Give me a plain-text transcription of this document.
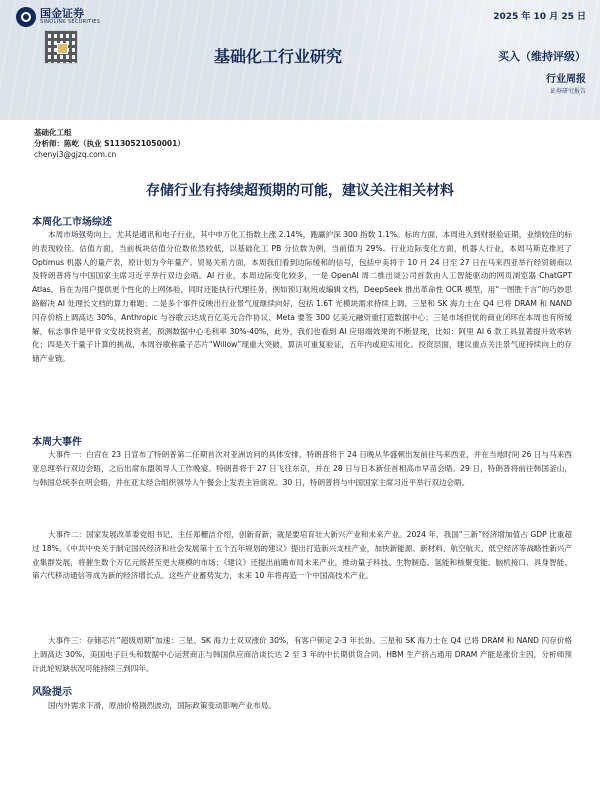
国金证券
SINOLINK SECURITIES	2025 年 10 月 25 日
基础化工行业研究	买入（维持评级）
行业周报
证券研究报告
基础化工组
分析师：陈屹（执业 S1130521050001）
chenyi3@gjzq.com.cn
存储行业有持续超预期的可能，建议关注相关材料
本周化工市场综述

本周市场强势向上，尤其是通讯和电子行业，其中申万化工指数上涨 2.14%，跑赢沪深 300 指数 1.1%。标的方面，本周进入到财报验证期，业绩较佳的标的表现较佳。估值方面，当前板块估值分位数依然较低，以基础化工 PB 分位数为例，当前值为 29%。行业边际变化方面，机器人行业，本周马斯克推迟了 Optimus 机器人的量产表，原计划为今年量产。贸易关系方面，本周我们看到边际缓和的信号，包括中美将于 10 月 24 日至 27 日在马来西亚举行经贸磋商以及特朗普将与中国国家主席习近平举行双边会晤。AI 行业，本周边际变化较多，一是 OpenAI 周二推出谈公司首款由人工智能驱动的网页浏览器 ChatGPT Atlas，旨在为用户提供更个性化的上网体验，同时还能执行代理任务，例如预订航班或编辑文档，DeepSeek 推出革命性 OCR 模型，用“一图胜千言”的巧妙思路解决 AI 处理长文档的算力难题；二是多个事件反映出行业景气度继续向好，包括 1.6T 光模块需求持续上调、三星和 SK 海力士在 Q4 已将 DRAM 和 NAND 闪存价格上调高达 30%、Anthropic 与谷歌云达成百亿美元合作协议、Meta 要签 300 亿美元融资重打造数据中心；三是市场担忧的商业闭环在本周也有所缓解，标志事件是甲骨文安抚投资者，预测数据中心毛利率 30%-40%，此外，我们也看到 AI 应用端效果的不断显现，比如：阿里 AI 6 款工具显著提升效率转化；四是关于量子计算的挑战，本周谷歌称量子芯片“Willow”现重大突破，算法可重复验证，五年内或迎实用化。投资层面，建议重点关注景气度持续向上的存储产业链。

本周大事件

大事件一：白宫在 23 日宣布了特朗普第二任期首次对亚洲访问的具体安排，特朗普将于 24 日晚从华盛顿出发前往马来西亚，并在当地时间 26 日与马来西亚总理举行双边会晤，之后出席东盟领导人工作晚宴。特朗普将于 27 日飞往东京，并在 28 日与日本新任首相高市早苗会晤。29 日，特朗普将前往韩国釜山，与韩国总统李在明会晤，并在亚太经合组织领导人午餐会上发表主旨演说。30 日，特朗普将与中国国家主席习近平举行双边会晤。

大事件二：国家发展改革委党组书记、主任郑栅洁介绍，创新育新，就是要培育壮大新兴产业和未来产业。2024 年，我国“三新”经济增加值占 GDP 比重超过 18%。《中共中央关于制定国民经济和社会发展第十五个五年规划的建议》提出打造新兴支柱产业，加快新能源、新材料、航空航天、低空经济等战略性新兴产业集群发展，将催生数个万亿元级甚至更大规模的市场；《建议》还提出前瞻布局未来产业，推动量子科技、生物制造、氢能和核聚变能、脑机接口、具身智能、第六代移动通信等成为新的经济增长点。这些产业蓄势发力，未来 10 年将再造一个中国高技术产业。

大事件三：存储芯片“超级周期”加速：三星、SK 海力士双双涨价 30%，有客户锁定 2-3 年长协。三星和 SK 海力士在 Q4 已将 DRAM 和 NAND 闪存价格上调高达 30%，美国电子巨头和数据中心运营商正与韩国供应商洽谈长达 2 至 3 年的中长期供货合同。HBM 生产挤占通用 DRAM 产能是涨价主因，分析师预计此轮短缺状况可能持续三到四年。

风险提示

国内外需求下滑，原油价格剧烈波动，国际政策变动影响产业布局。
